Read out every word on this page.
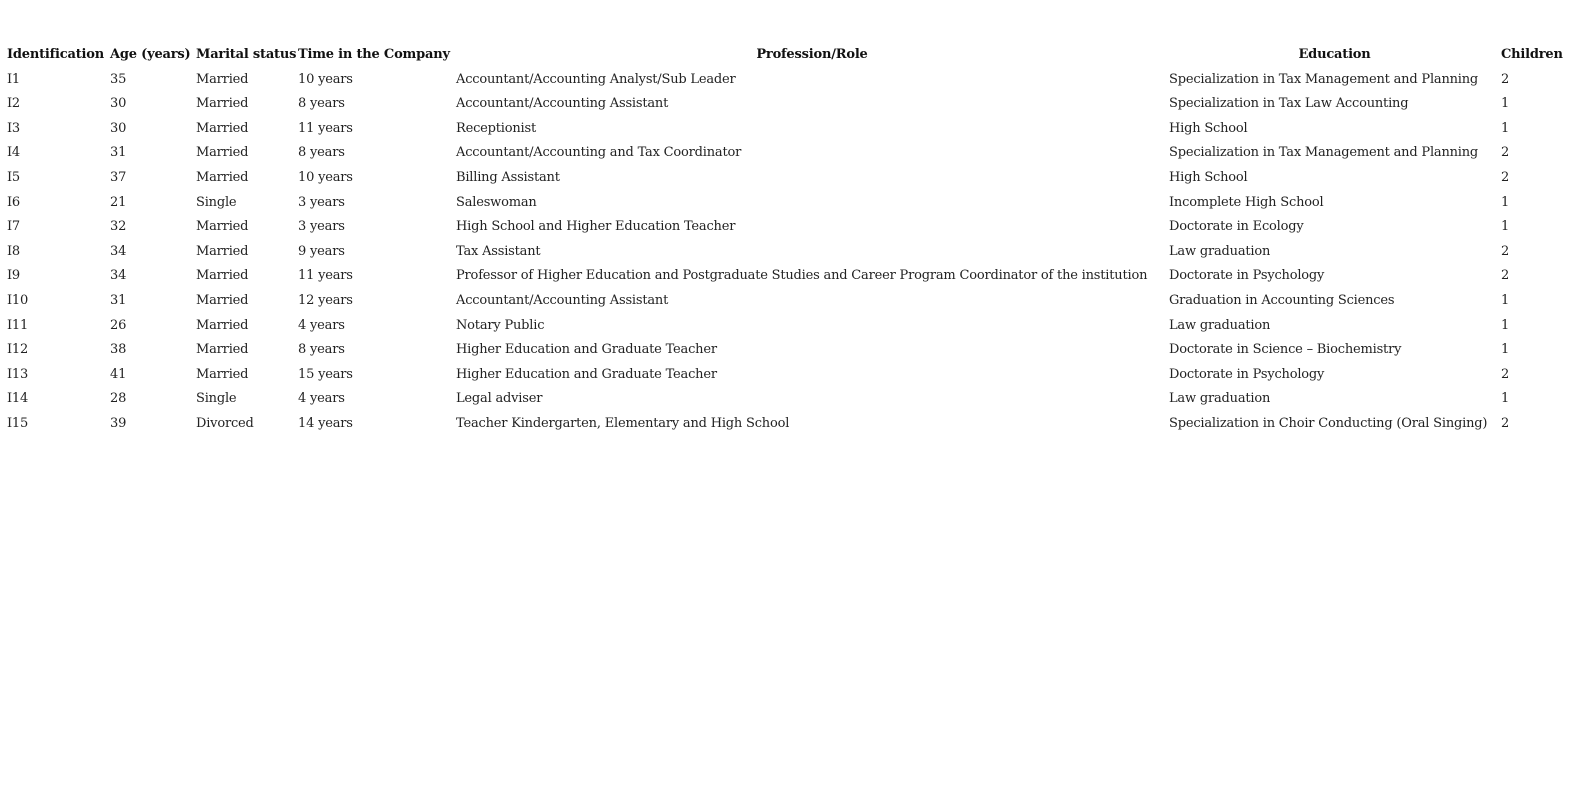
Identification	Age (years)	Marital status	Time in the Company	Profession/Role	Education	Children
I1	35	Married	10 years	Accountant/Accounting Analyst/Sub Leader	Specialization in Tax Management and Planning	2
I2	30	Married	8 years	Accountant/Accounting Assistant	Specialization in Tax Law Accounting	1
I3	30	Married	11 years	Receptionist	High School	1
I4	31	Married	8 years	Accountant/Accounting and Tax Coordinator	Specialization in Tax Management and Planning	2
I5	37	Married	10 years	Billing Assistant	High School	2
I6	21	Single	3 years	Saleswoman	Incomplete High School	1
I7	32	Married	3 years	High School and Higher Education Teacher	Doctorate in Ecology	1
I8	34	Married	9 years	Tax Assistant	Law graduation	2
I9	34	Married	11 years	Professor of Higher Education and Postgraduate Studies and Career Program Coordinator of the institution	Doctorate in Psychology	2
I10	31	Married	12 years	Accountant/Accounting Assistant	Graduation in Accounting Sciences	1
I11	26	Married	4 years	Notary Public	Law graduation	1
I12	38	Married	8 years	Higher Education and Graduate Teacher	Doctorate in Science – Biochemistry	1
I13	41	Married	15 years	Higher Education and Graduate Teacher	Doctorate in Psychology	2
I14	28	Single	4 years	Legal adviser	Law graduation	1
I15	39	Divorced	14 years	Teacher Kindergarten, Elementary and High School	Specialization in Choir Conducting (Oral Singing)	2
